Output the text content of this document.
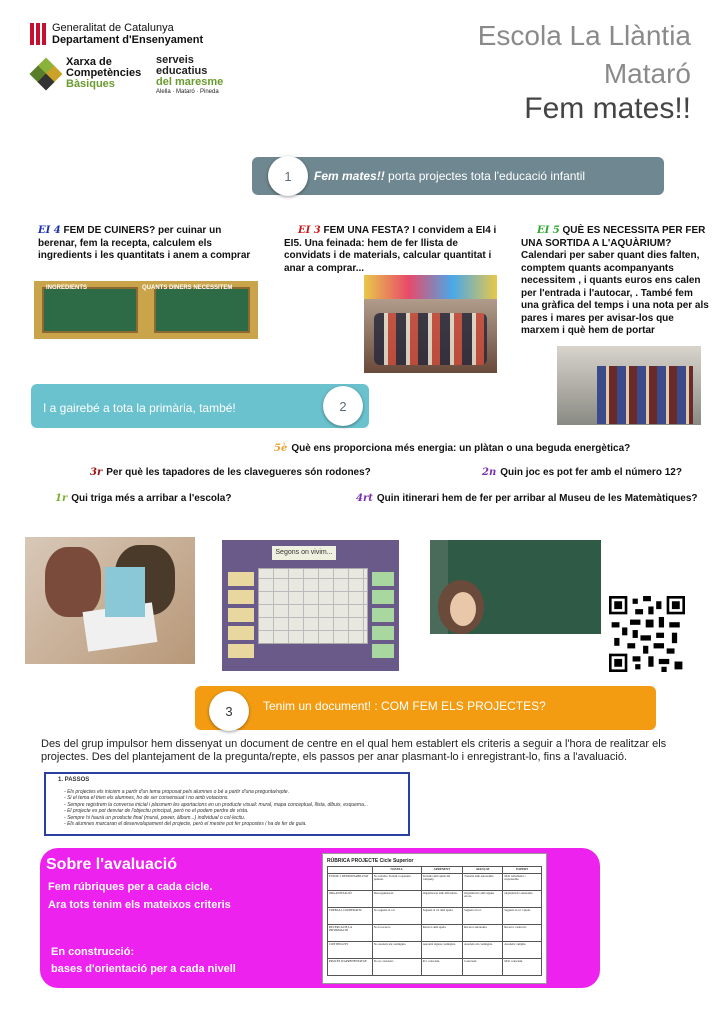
Generalitat de Catalunya
Departament d'Ensenyament
Xarxa de
Competències
Bàsiques
serveis
educatius
del maresme
Alella · Mataró · Pineda
Escola La Llàntia
Mataró
Fem mates!!
1	Fem mates!! porta projectes tota l'educació infantil
EI 4 FEM DE CUINERS? per cuinar un berenar, fem la recepta, calculem els ingredients i les quantitats i anem a comprar
INGREDIENTS	QUANTS DINERS NECESSITEM
EI 3 FEM UNA FESTA? I convidem a EI4 i EI5. Una feinada: hem de fer llista de convidats i de materials, calcular quantitat i anar a comprar...
EI 5 QUÈ ES NECESSITA PER FER UNA SORTIDA A L'AQUÀRIUM? Calendari per saber quant dies falten, comptem quants acompanyants necessitem , i quants euros ens calen per l'entrada i l'autocar, . També fem una gràfica del temps i una nota per als pares i mares per avisar-los que marxem i què hem de portar
I a gairebé a tota la primària, també!	2
5è Què ens proporciona més energia: un plàtan o una beguda energètica?
3r Per què les tapadores de les clavegueres són rodones?	2n Quin joc es pot fer amb el número 12?
1r Qui triga més a arribar a l'escola?	4rt Quin itinerari hem de fer per arribar al Museu de les Matemàtiques?
Segons on vivim...
3	Tenim un document! : COM FEM ELS PROJECTES?
Des del grup impulsor hem dissenyat un document de centre en el qual hem establert els criteris a seguir a l'hora de realitzar els projectes. Des del plantejament de la pregunta/repte, els passos per anar plasmant-lo i enregistrant-lo, fins a l'avaluació.
1. PASSOS
- Els projectes els iniciem a partir d'un tema proposat pels alumnes o bé a partir d'una pregunta/repte.
- Si el tema el trien els alumnes, ho de ser consensuat i no amb votacions.
- Sempre registrem la conversa inicial i plasmem les aportacions en un producte visual: mural, mapa conceptual, llista, dibuix, esquema...
- El projecte es pot desviar de l'objectiu principal, però no el podem perdre de vista.
- Sempre hi haurà un producte final (mural, power, àlbum...) individual o col·lectiu.
- Els alumnes marcaran el desenvolupament del projecte, però el mestre pot fer propostes i ha de fer de guia.
Sobre l'avaluació
Fem rúbriques per a cada cicle.
Ara tots tenim els mateixos criteris
En construcció:
bases d'orientació per a cada nivell
RÚBRICA PROJECTE Cicle Superior
	NOVELL	APRENENT	AVANÇAT	EXPERT
ESTOIC I RESPONSABILITAT	No treballa. Treball cooperatiu puntual.	Treballa amb ajuda del company.	Treballa amb autonomia.	Molt treballador i responsable.
ORGANITZACIÓ	Desorganització.	Organització amb dificultats.	Organització amb alguns errors.	Organització autònoma.
TREBALL COOPERATIU	No segueix el rol.	Segueix el rol amb ajuda.	Segueix el rol.	Segueix el rol i ajuda.
RECERCA DE LA INFORMACIÓ	No fa recerca.	Recerca amb ajuda.	Recerca autònoma.	Recerca i selecció.
CONTINGUTS	No assoleix els continguts.	Assoleix alguns continguts.	Assoleix els continguts.	Assoleix i amplia.
PROCÉS D'APRENENTATGE	No es conscient.	Poc conscient.	Conscient.	Molt conscient.
